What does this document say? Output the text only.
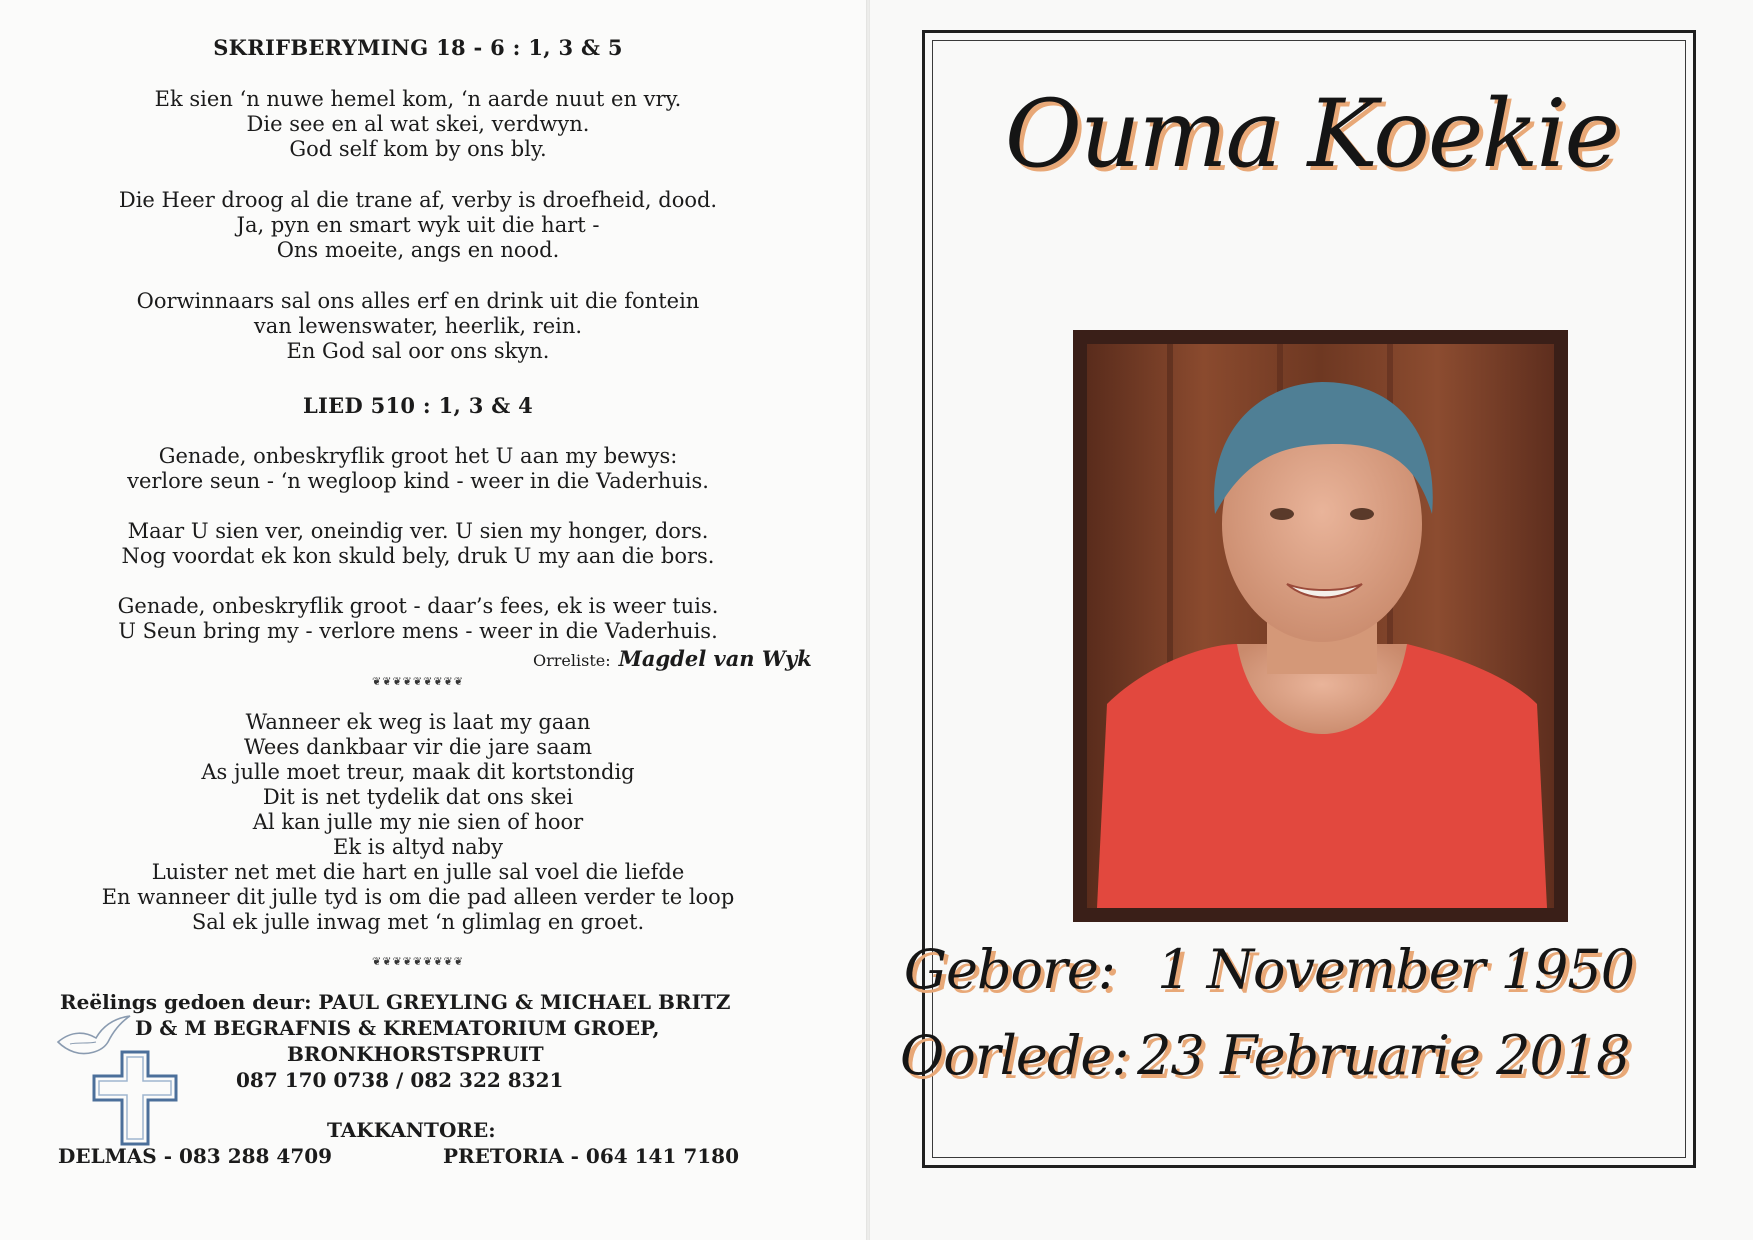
SKRIFBERYMING 18 - 6 : 1, 3 & 5
Ek sien ‘n nuwe hemel kom, ‘n aarde nuut en vry.
Die see en al wat skei, verdwyn.
God self kom by ons bly.
Die Heer droog al die trane af, verby is droefheid, dood.
Ja, pyn en smart wyk uit die hart -
Ons moeite, angs en nood.
Oorwinnaars sal ons alles erf en drink uit die fontein
van lewenswater, heerlik, rein.
En God sal oor ons skyn.
LIED 510 : 1, 3 & 4
Genade, onbeskryflik groot het U aan my bewys:
verlore seun - ‘n wegloop kind - weer in die Vaderhuis.
Maar U sien ver, oneindig ver. U sien my honger, dors.
Nog voordat ek kon skuld bely, druk U my aan die bors.
Genade, onbeskryflik groot - daar’s fees, ek is weer tuis.
U Seun bring my - verlore mens - weer in die Vaderhuis.
Orreliste: Magdel van Wyk
❦❦❦❦❦❦❦❦❦
Wanneer ek weg is laat my gaan
Wees dankbaar vir die jare saam
As julle moet treur, maak dit kortstondig
Dit is net tydelik dat ons skei
Al kan julle my nie sien of hoor
Ek is altyd naby
Luister net met die hart en julle sal voel die liefde
En wanneer dit julle tyd is om die pad alleen verder te loop
Sal ek julle inwag met ‘n glimlag en groet.
❦❦❦❦❦❦❦❦❦
Reëlings gedoen deur: PAUL GREYLING & MICHAEL BRITZ
D & M BEGRAFNIS & KREMATORIUM GROEP,
BRONKHORSTSPRUIT
087 170 0738 / 082 322 8321
TAKKANTORE:
DELMAS - 083 288 4709	PRETORIA - 064 141 7180
Ouma Koekie
Gebore: 1 November 1950
Oorlede: 23 Februarie 2018
